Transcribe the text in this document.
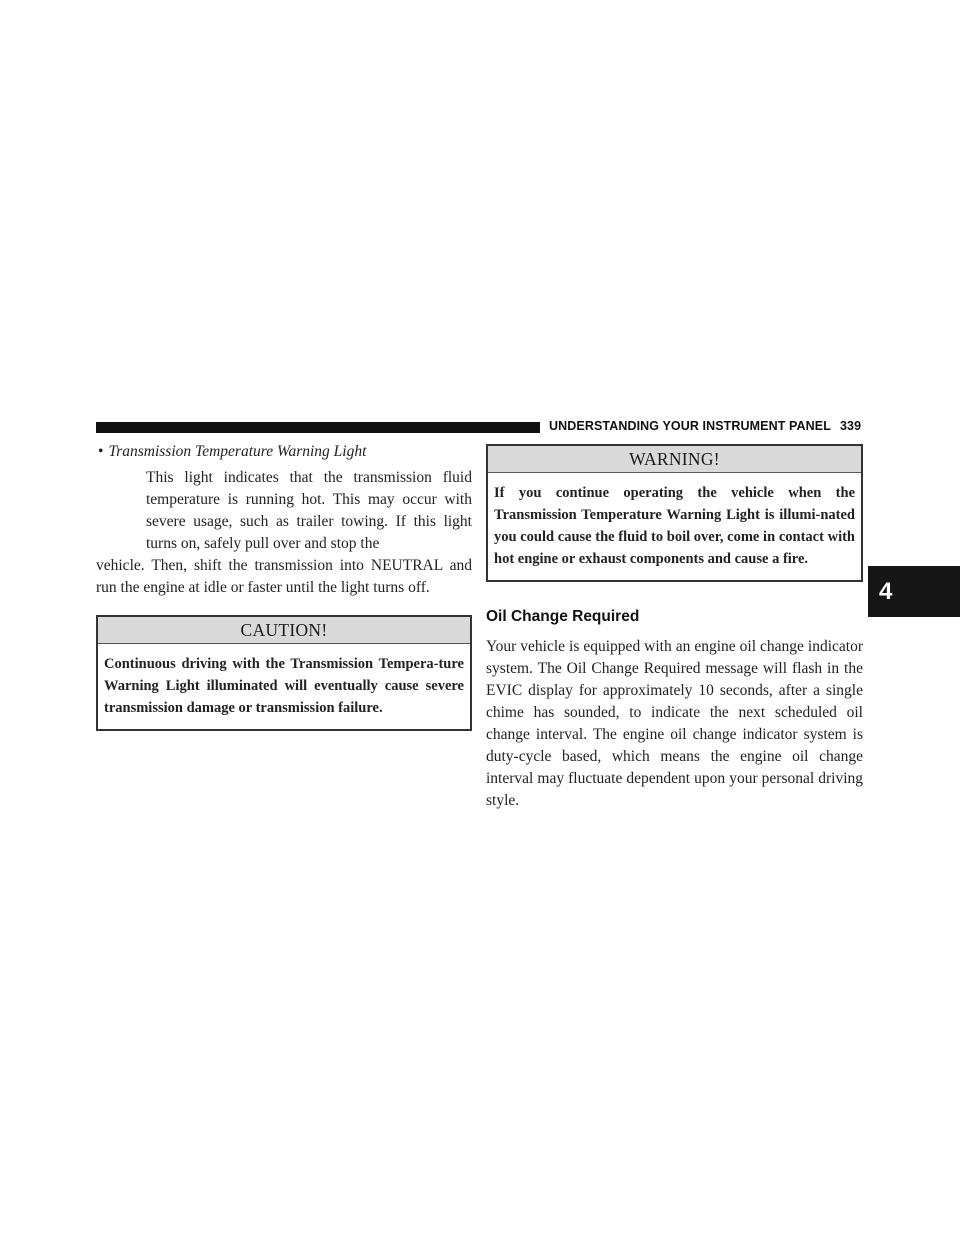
UNDERSTANDING YOUR INSTRUMENT PANEL 339
4
• Transmission Temperature Warning Light
This light indicates that the transmission fluid temperature is running hot. This may occur with severe usage, such as trailer towing. If this light turns on, safely pull over and stop the
vehicle. Then, shift the transmission into NEUTRAL and run the engine at idle or faster until the light turns off.
CAUTION!
Continuous driving with the Transmission Tempera-ture Warning Light illuminated will eventually cause severe transmission damage or transmission failure.
WARNING!
If you continue operating the vehicle when the Transmission Temperature Warning Light is illumi-nated you could cause the fluid to boil over, come in contact with hot engine or exhaust components and cause a fire.
Oil Change Required
Your vehicle is equipped with an engine oil change indicator system. The Oil Change Required message will flash in the EVIC display for approximately 10 seconds, after a single chime has sounded, to indicate the next scheduled oil change interval. The engine oil change indicator system is duty-cycle based, which means the engine oil change interval may fluctuate dependent upon your personal driving style.
